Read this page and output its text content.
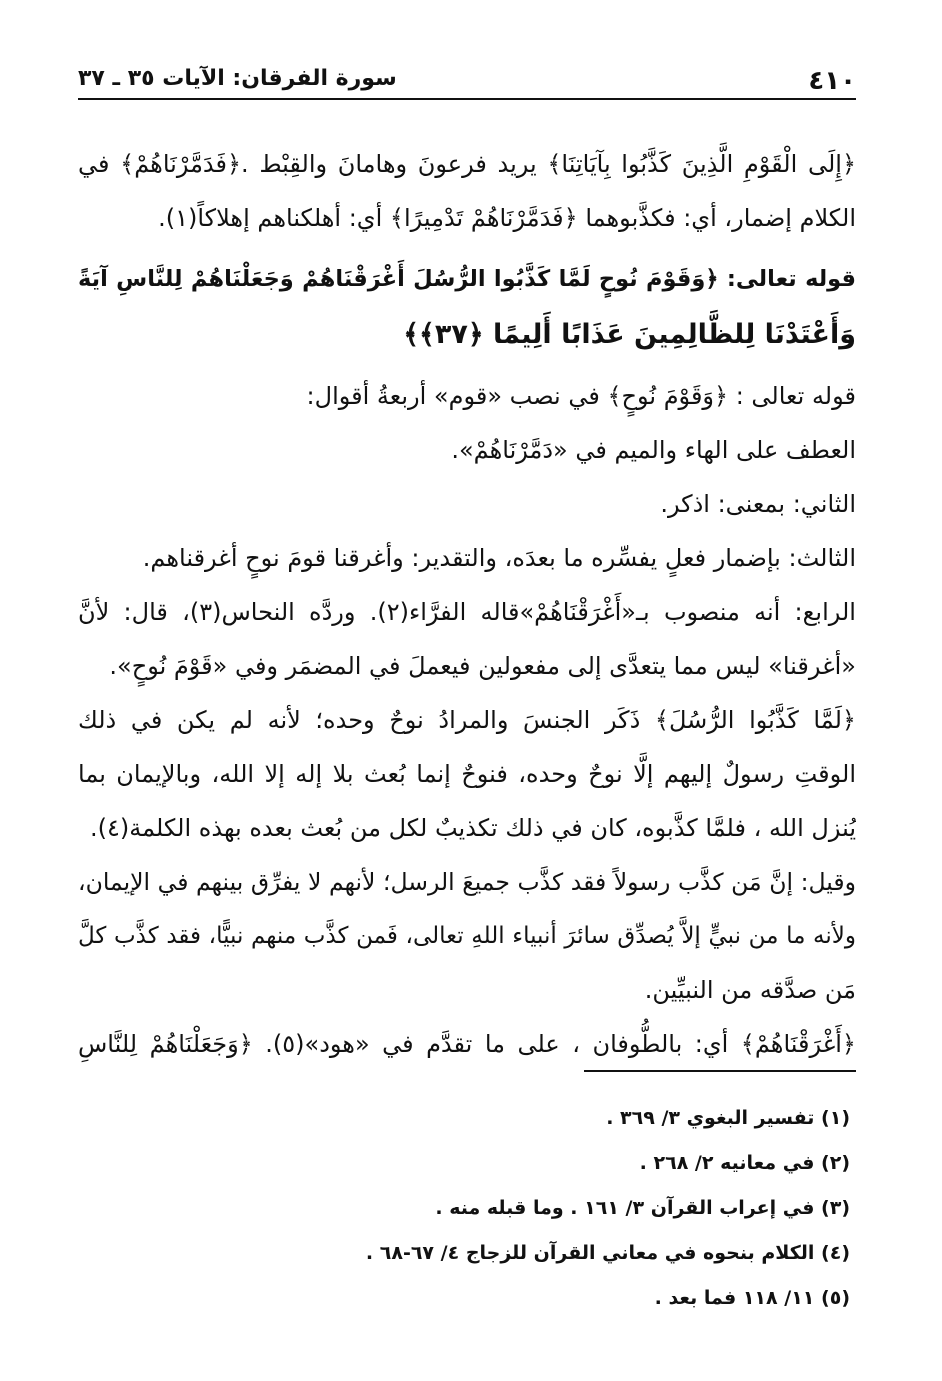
٤١٠
سورة الفرقان: الآيات ٣٥ ـ ٣٧
﴿إِلَى الْقَوْمِ الَّذِينَ كَذَّبُوا بِآيَاتِنَا﴾ يريد فرعونَ وهامانَ والقِبْط .﴿فَدَمَّرْنَاهُمْ﴾ في
الكلام إضمار، أي: فكذَّبوهما ﴿فَدَمَّرْنَاهُمْ تَدْمِيرًا﴾ أي: أهلكناهم إهلاكاً(١).
قوله تعالى: ﴿وَقَوْمَ نُوحٍ لَمَّا كَذَّبُوا الرُّسُلَ أَغْرَقْنَاهُمْ وَجَعَلْنَاهُمْ لِلنَّاسِ آيَةً
وَأَعْتَدْنَا لِلظَّالِمِينَ عَذَابًا أَلِيمًا ﴿٣٧﴾﴾
قوله تعالى : ﴿وَقَوْمَ نُوحٍ﴾ في نصب «قوم» أربعةُ أقوال:
العطف على الهاء والميم في «دَمَّرْنَاهُمْ».
الثاني: بمعنى: اذكر.
الثالث: بإضمار فعلٍ يفسِّره ما بعدَه، والتقدير: وأغرقنا قومَ نوحٍ أغرقناهم.
الرابع: أنه منصوب بـ«أَغْرَقْنَاهُمْ»قاله الفرَّاء(٢). وردَّه النحاس(٣)، قال: لأنَّ
«أغرقنا» ليس مما يتعدَّى إلى مفعولين فيعملَ في المضمَر وفي «قَوْمَ نُوحٍ».
﴿لَمَّا كَذَّبُوا الرُّسُلَ﴾ ذَكَر الجنسَ والمرادُ نوحٌ وحده؛ لأنه لم يكن في ذلك
الوقتِ رسولٌ إليهم إلَّا نوحٌ وحده، فنوحٌ إنما بُعث بلا إله إلا الله، وبالإيمان بما
يُنزل الله ، فلمَّا كذَّبوه، كان في ذلك تكذيبٌ لكل من بُعث بعده بهذه الكلمة(٤).
وقيل: إنَّ مَن كذَّب رسولاً فقد كذَّب جميعَ الرسل؛ لأنهم لا يفرِّق بينهم في الإيمان،
ولأنه ما من نبيٍّ إلاَّ يُصدِّق سائرَ أنبياء اللهِ تعالى، فَمن كذَّب منهم نبيًّا، فقد كذَّب كلَّ
مَن صدَّقه من النبيِّين.
﴿أَغْرَقْنَاهُمْ﴾ أي: بالطُّوفان ، على ما تقدَّم في «هود»(٥). ﴿وَجَعَلْنَاهُمْ لِلنَّاسِ
(١) تفسير البغوي ٣/ ٣٦٩ .
(٢) في معانيه ٢/ ٢٦٨ .
(٣) في إعراب القرآن ٣/ ١٦١ . وما قبله منه .
(٤) الكلام بنحوه في معاني القرآن للزجاج ٤/ ٦٧-٦٨ .
(٥) ١١/ ١١٨ فما بعد .
